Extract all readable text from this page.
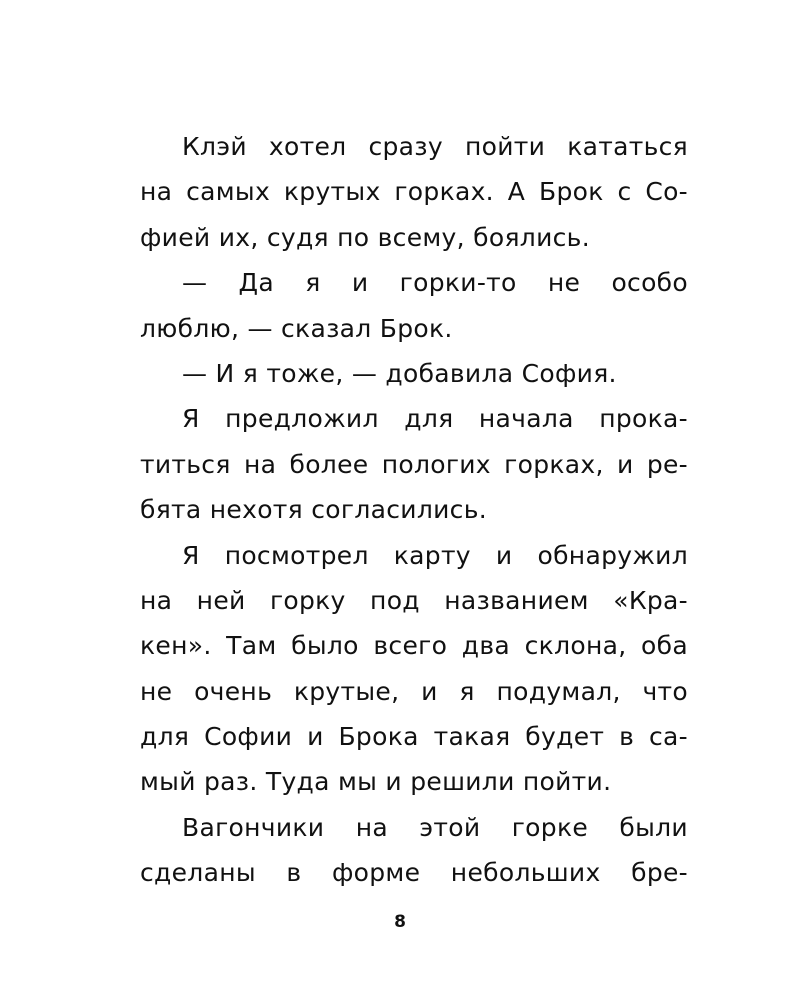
Клэй хотел сразу пойти кататься
на самых крутых горках. А Брок с Со-
фией их, судя по всему, боялись.
— Да я и горки-то не особо
люблю, — сказал Брок.
— И я тоже, — добавила София.
Я предложил для начала прока-
титься на более пологих горках, и ре-
бята нехотя согласились.
Я посмотрел карту и обнаружил
на ней горку под названием «Кра-
кен». Там было всего два склона, оба
не очень крутые, и я подумал, что
для Софии и Брока такая будет в са-
мый раз. Туда мы и решили пойти.
Вагончики на этой горке были
сделаны в форме небольших бре-
8
